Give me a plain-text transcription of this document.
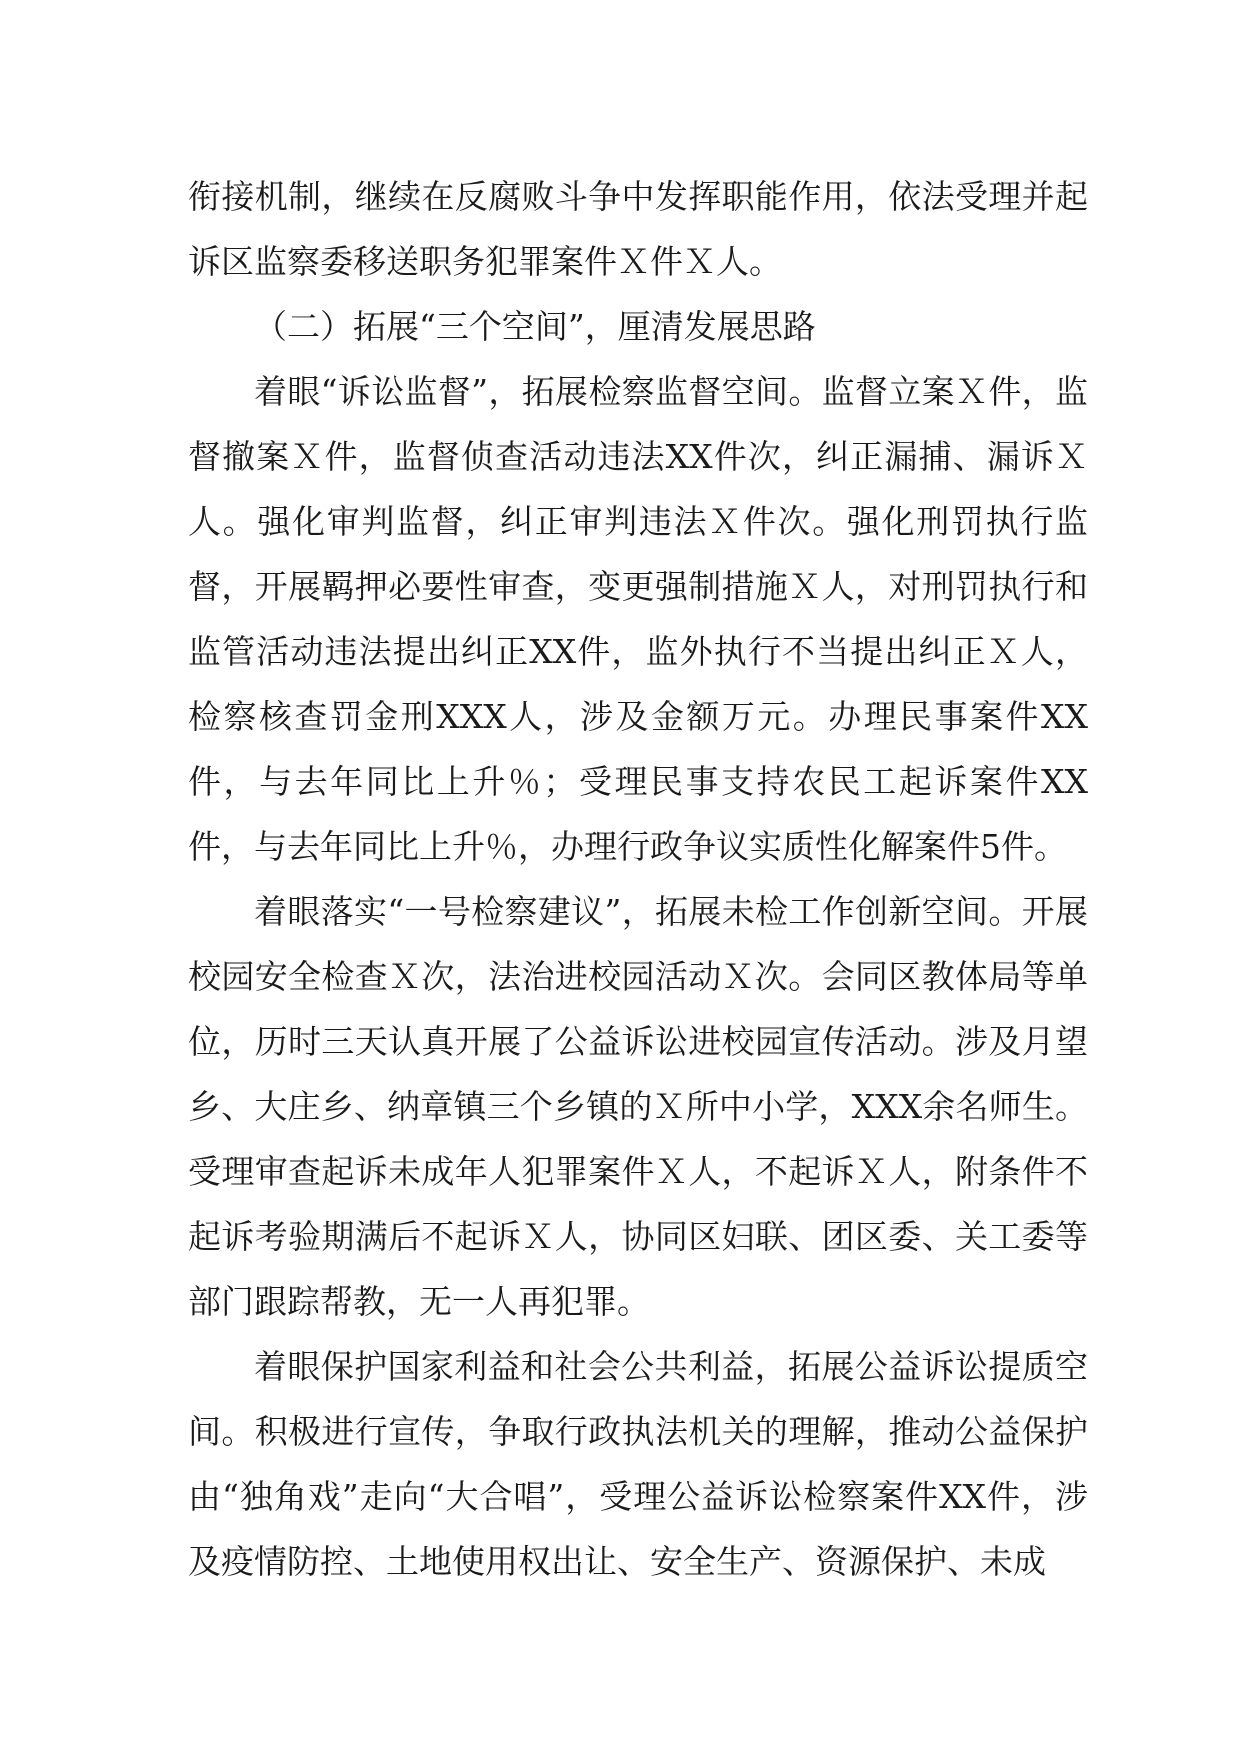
衔接机制，继续在反腐败斗争中发挥职能作用，依法受理并起诉区监察委移送职务犯罪案件Ｘ件Ｘ人。

（二）拓展“三个空间”，厘清发展思路

着眼“诉讼监督”，拓展检察监督空间。监督立案Ｘ件，监督撤案Ｘ件，监督侦查活动违法XX件次，纠正漏捕、漏诉Ｘ人。强化审判监督，纠正审判违法Ｘ件次。强化刑罚执行监督，开展羁押必要性审查，变更强制措施Ｘ人，对刑罚执行和监管活动违法提出纠正XX件，监外执行不当提出纠正Ｘ人，检察核查罚金刑XXX人，涉及金额万元。办理民事案件XX件，与去年同比上升％；受理民事支持农民工起诉案件XX件，与去年同比上升％，办理行政争议实质性化解案件5件。

着眼落实“一号检察建议”，拓展未检工作创新空间。开展校园安全检查Ｘ次，法治进校园活动Ｘ次。会同区教体局等单位，历时三天认真开展了公益诉讼进校园宣传活动。涉及月望乡、大庄乡、纳章镇三个乡镇的Ｘ所中小学，XXX余名师生。受理审查起诉未成年人犯罪案件Ｘ人，不起诉Ｘ人，附条件不起诉考验期满后不起诉Ｘ人，协同区妇联、团区委、关工委等部门跟踪帮教，无一人再犯罪。

着眼保护国家利益和社会公共利益，拓展公益诉讼提质空间。积极进行宣传，争取行政执法机关的理解，推动公益保护由“独角戏”走向“大合唱”，受理公益诉讼检察案件XX件，涉及疫情防控、土地使用权出让、安全生产、资源保护、未成
